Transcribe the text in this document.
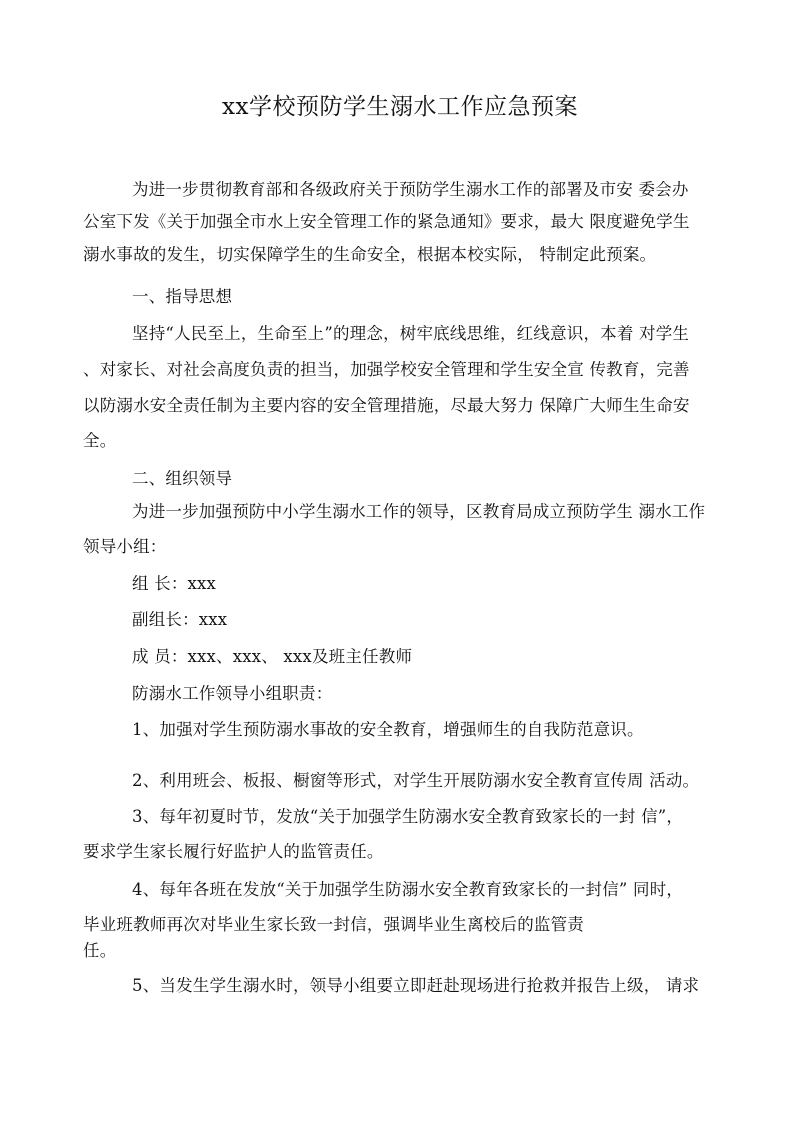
xx学校预防学生溺水工作应急预案
为进一步贯彻教育部和各级政府关于预防学生溺水工作的部署及市安 委会办
公室下发《关于加强全市水上安全管理工作的紧急通知》要求，最大 限度避免学生
溺水事故的发生，切实保障学生的生命安全，根据本校实际， 特制定此预案。
一、指导思想
坚持“人民至上，生命至上”的理念，树牢底线思维，红线意识，本着 对学生
、对家长、对社会高度负责的担当，加强学校安全管理和学生安全宣 传教育，完善
以防溺水安全责任制为主要内容的安全管理措施，尽最大努力 保障广大师生生命安
全。
二、组织领导
为进一步加强预防中小学生溺水工作的领导，区教育局成立预防学生 溺水工作
领导小组：
组 长：xxx
副组长：xxx
成 员：xxx、xxx、 xxx及班主任教师
防溺水工作领导小组职责：
1、加强对学生预防溺水事故的安全教育，增强师生的自我防范意识。
2、利用班会、板报、橱窗等形式，对学生开展防溺水安全教育宣传周 活动。
3、每年初夏时节，发放“关于加强学生防溺水安全教育致家长的一封 信”，
要求学生家长履行好监护人的监管责任。
4、每年各班在发放“关于加强学生防溺水安全教育致家长的一封信” 同时，
毕业班教师再次对毕业生家长致一封信，强调毕业生离校后的监管责
任。
5、当发生学生溺水时，领导小组要立即赶赴现场进行抢救并报告上级， 请求
